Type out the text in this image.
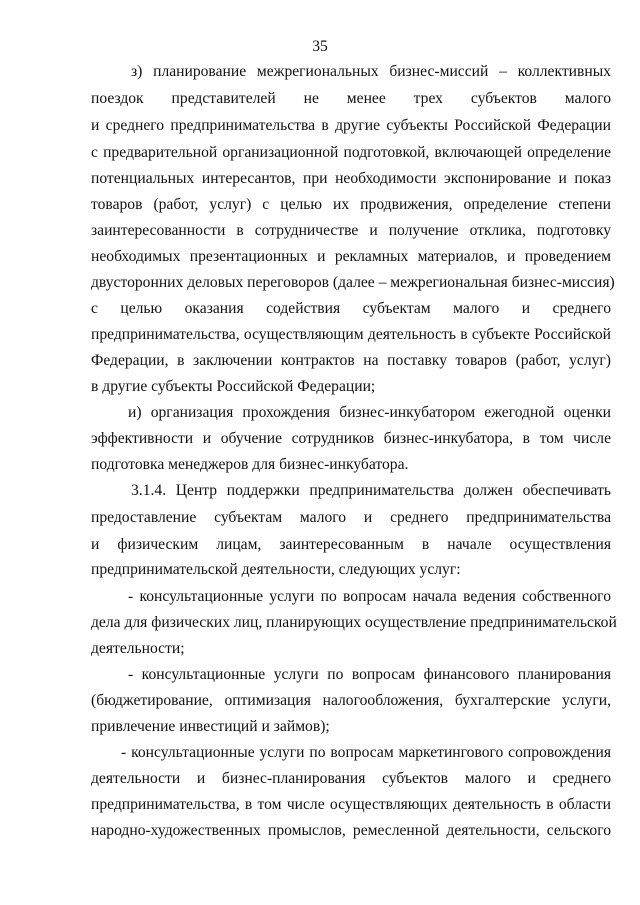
35
з) планирование межрегиональных бизнес-миссий – коллективных
поездок представителей не менее трех субъектов малого
и среднего предпринимательства в другие субъекты Российской Федерации
с предварительной организационной подготовкой, включающей определение
потенциальных интересантов, при необходимости экспонирование и показ
товаров (работ, услуг) с целью их продвижения, определение степени
заинтересованности в сотрудничестве и получение отклика, подготовку
необходимых презентационных и рекламных материалов, и проведением
двусторонних деловых переговоров (далее – межрегиональная бизнес-миссия)
с целью оказания содействия субъектам малого и среднего
предпринимательства, осуществляющим деятельность в субъекте Российской
Федерации, в заключении контрактов на поставку товаров (работ, услуг)
в другие субъекты Российской Федерации;
и) организация прохождения бизнес-инкубатором ежегодной оценки
эффективности и обучение сотрудников бизнес-инкубатора, в том числе
подготовка менеджеров для бизнес-инкубатора.
3.1.4. Центр поддержки предпринимательства должен обеспечивать
предоставление субъектам малого и среднего предпринимательства
и физическим лицам, заинтересованным в начале осуществления
предпринимательской деятельности, следующих услуг:
- консультационные услуги по вопросам начала ведения собственного
дела для физических лиц, планирующих осуществление предпринимательской
деятельности;
- консультационные услуги по вопросам финансового планирования
(бюджетирование, оптимизация налогообложения, бухгалтерские услуги,
привлечение инвестиций и займов);
- консультационные услуги по вопросам маркетингового сопровождения
деятельности и бизнес-планирования субъектов малого и среднего
предпринимательства, в том числе осуществляющих деятельность в области
народно-художественных промыслов, ремесленной деятельности, сельского
